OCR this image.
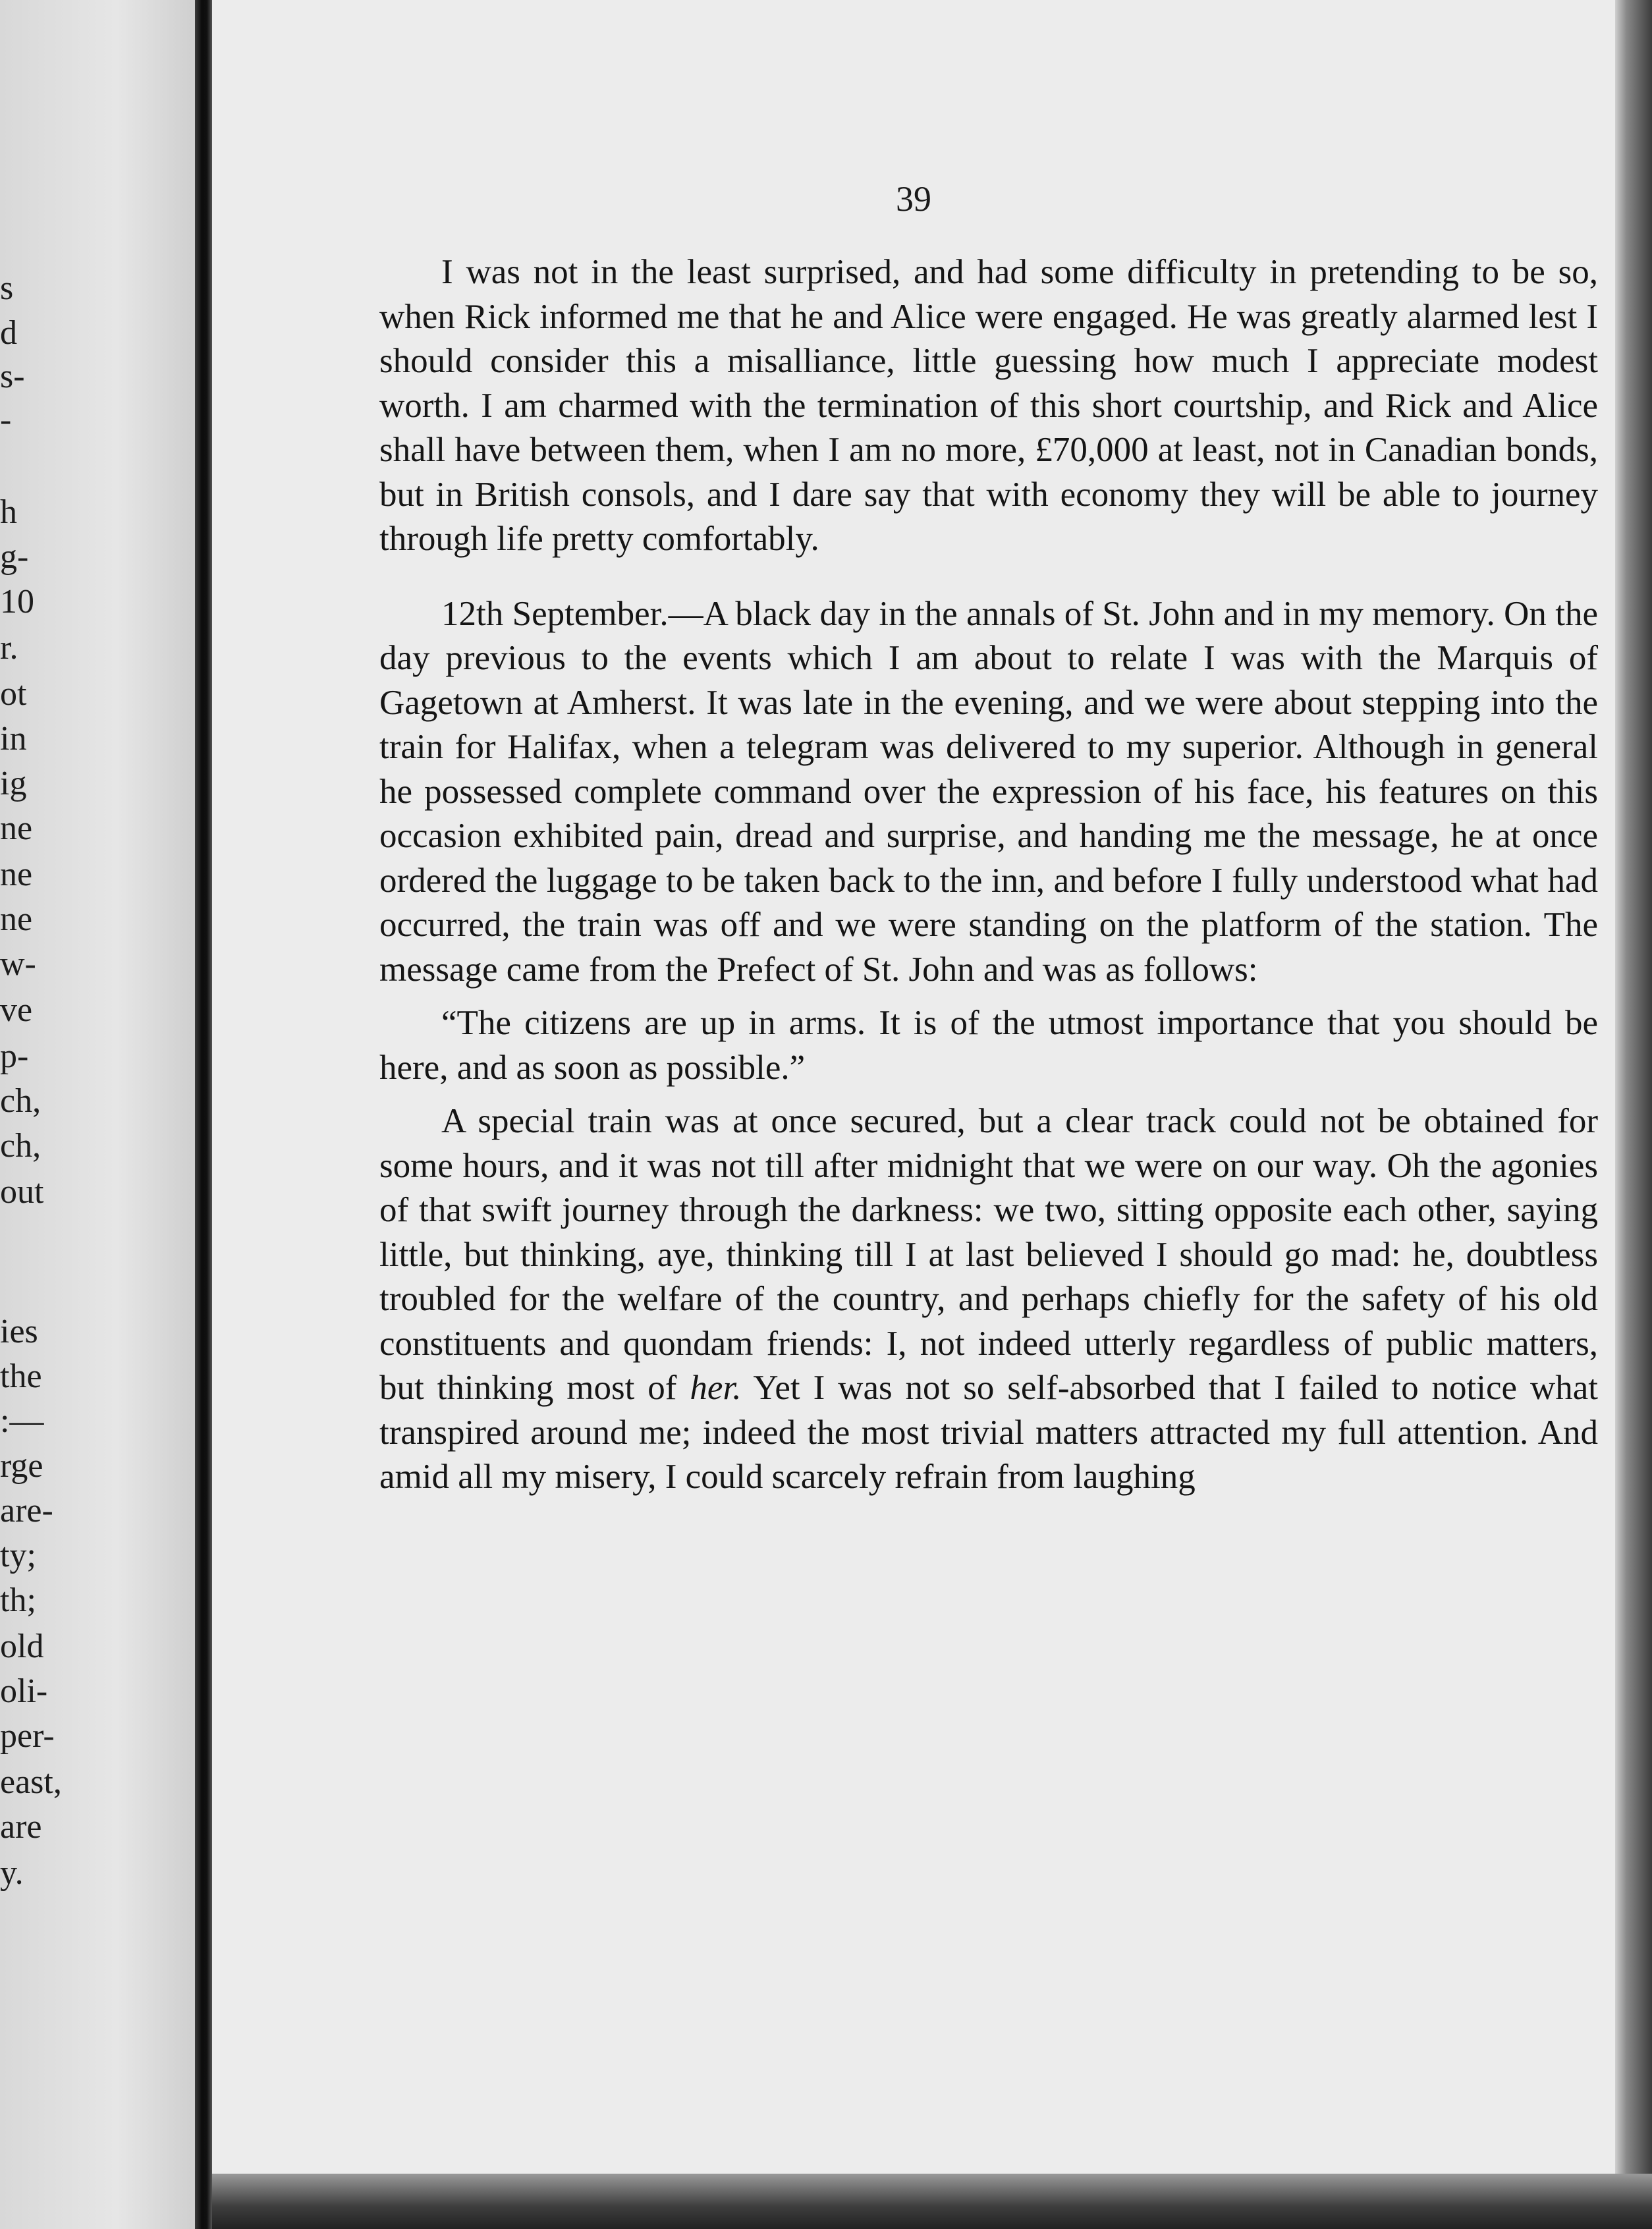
s
d
s-
-
h
g-
10
r.
ot
in
ig
ne
ne
ne
w-
ve
p-
ch,
ch,
out
ies
the
:—
rge
are-
ty;
th;
old
oli-
per-
east,
are
y.
39

I was not in the least surprised, and had some difficulty in pretending to be so, when Rick informed me that he and Alice were engaged. He was greatly alarmed lest I should consider this a misalliance, little guessing how much I appreciate modest worth. I am charmed with the termination of this short courtship, and Rick and Alice shall have between them, when I am no more, £70,000 at least, not in Canadian bonds, but in British consols, and I dare say that with economy they will be able to journey through life pretty comfortably.

12th September.—A black day in the annals of St. John and in my memory. On the day previous to the events which I am about to relate I was with the Marquis of Gagetown at Amherst. It was late in the evening, and we were about stepping into the train for Halifax, when a telegram was delivered to my superior. Although in general he possessed complete command over the expression of his face, his features on this occasion exhibited pain, dread and surprise, and handing me the message, he at once ordered the luggage to be taken back to the inn, and before I fully understood what had occurred, the train was off and we were standing on the platform of the station. The message came from the Prefect of St. John and was as follows:

“The citizens are up in arms. It is of the utmost importance that you should be here, and as soon as possible.”

A special train was at once secured, but a clear track could not be obtained for some hours, and it was not till after midnight that we were on our way. Oh the agonies of that swift journey through the darkness: we two, sitting opposite each other, saying little, but thinking, aye, thinking till I at last believed I should go mad: he, doubtless troubled for the welfare of the country, and perhaps chiefly for the safety of his old constituents and quondam friends: I, not indeed utterly regardless of public matters, but thinking most of her. Yet I was not so self-absorbed that I failed to notice what transpired around me; indeed the most trivial matters attracted my full attention. And amid all my misery, I could scarcely refrain from laughing
